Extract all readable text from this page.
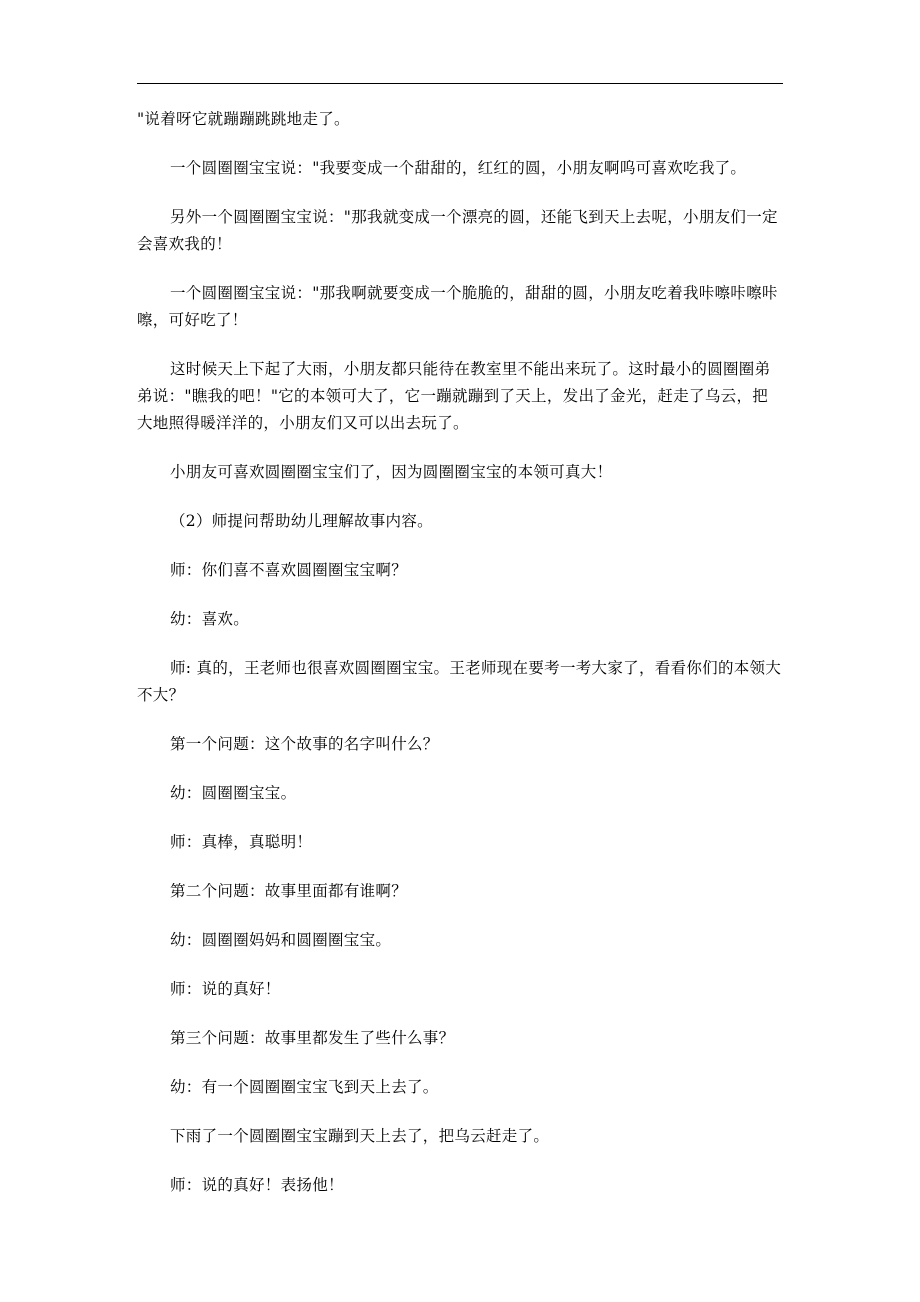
"说着呀它就蹦蹦跳跳地走了。

一个圆圈圈宝宝说："我要变成一个甜甜的，红红的圆，小朋友啊呜可喜欢吃我了。

另外一个圆圈圈宝宝说："那我就变成一个漂亮的圆，还能飞到天上去呢，小朋友们一定会喜欢我的！

一个圆圈圈宝宝说："那我啊就要变成一个脆脆的，甜甜的圆，小朋友吃着我咔嚓咔嚓咔嚓，可好吃了！

这时候天上下起了大雨，小朋友都只能待在教室里不能出来玩了。这时最小的圆圈圈弟弟说："瞧我的吧！"它的本领可大了，它一蹦就蹦到了天上，发出了金光，赶走了乌云，把大地照得暖洋洋的，小朋友们又可以出去玩了。

小朋友可喜欢圆圈圈宝宝们了，因为圆圈圈宝宝的本领可真大！

（2）师提问帮助幼儿理解故事内容。

师：你们喜不喜欢圆圈圈宝宝啊？

幼：喜欢。

师: 真的，王老师也很喜欢圆圈圈宝宝。王老师现在要考一考大家了，看看你们的本领大不大？

第一个问题：这个故事的名字叫什么？

幼：圆圈圈宝宝。

师：真棒，真聪明！

第二个问题：故事里面都有谁啊？

幼：圆圈圈妈妈和圆圈圈宝宝。

师：说的真好！

第三个问题：故事里都发生了些什么事？

幼：有一个圆圈圈宝宝飞到天上去了。

下雨了一个圆圈圈宝宝蹦到天上去了，把乌云赶走了。

师：说的真好！表扬他！
